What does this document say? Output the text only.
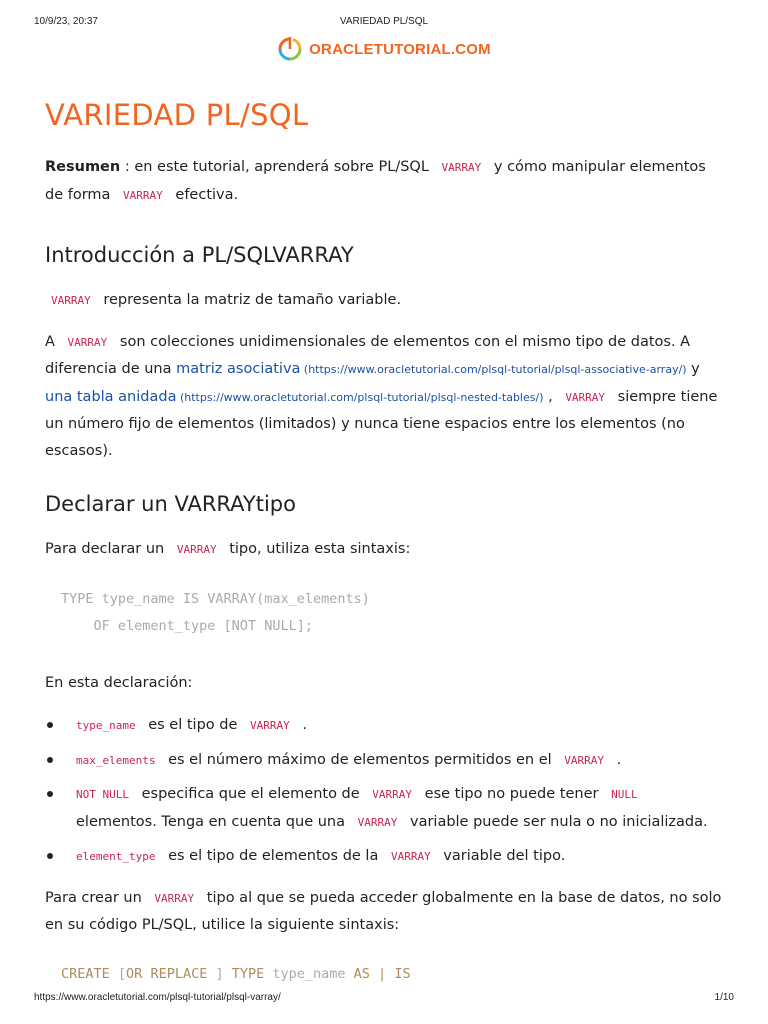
10/9/23, 20:37	VARIEDAD PL/SQL
ORACLETUTORIAL.COM
VARIEDAD PL/SQL

Resumen : en este tutorial, aprenderá sobre PL/SQL VARRAY y cómo manipular elementos de forma VARRAY efectiva.

Introducción a PL/SQLVARRAY

VARRAY representa la matriz de tamaño variable.

A VARRAY son colecciones unidimensionales de elementos con el mismo tipo de datos. A diferencia de una matriz asociativa (https://www.oracletutorial.com/plsql-tutorial/plsql-associative-array/) y una tabla anidada (https://www.oracletutorial.com/plsql-tutorial/plsql-nested-tables/) , VARRAY siempre tiene un número fijo de elementos (limitados) y nunca tiene espacios entre los elementos (no escasos).

Declarar un VARRAYtipo

Para declarar un VARRAY tipo, utiliza esta sintaxis:

TYPE type_name IS VARRAY(max_elements)
OF element_type [NOT NULL];

En esta declaración:

type_name es el tipo de VARRAY .
max_elements es el número máximo de elementos permitidos en el VARRAY .
NOT NULL especifica que el elemento de VARRAY ese tipo no puede tener NULL elementos. Tenga en cuenta que una VARRAY variable puede ser nula o no inicializada.
element_type es el tipo de elementos de la VARRAY variable del tipo.

Para crear un VARRAY tipo al que se pueda acceder globalmente en la base de datos, no solo en su código PL/SQL, utilice la siguiente sintaxis:

CREATE [OR REPLACE ] TYPE type_name AS | IS
https://www.oracletutorial.com/plsql-tutorial/plsql-varray/	1/10
